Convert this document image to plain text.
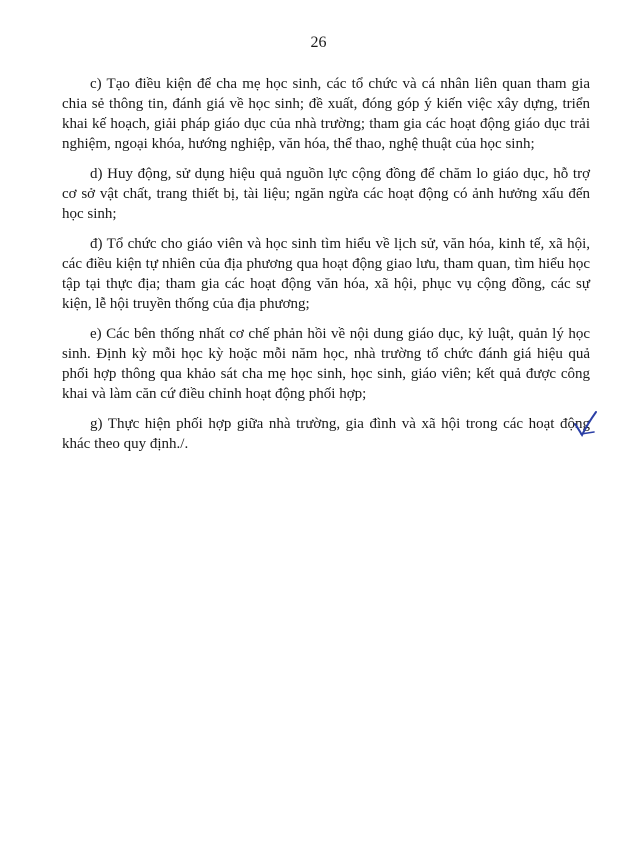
26

c) Tạo điều kiện để cha mẹ học sinh, các tổ chức và cá nhân liên quan tham gia chia sẻ thông tin, đánh giá về học sinh; đề xuất, đóng góp ý kiến việc xây dựng, triển khai kế hoạch, giải pháp giáo dục của nhà trường; tham gia các hoạt động giáo dục trải nghiệm, ngoại khóa, hướng nghiệp, văn hóa, thể thao, nghệ thuật của học sinh;

d) Huy động, sử dụng hiệu quả nguồn lực cộng đồng để chăm lo giáo dục, hỗ trợ cơ sở vật chất, trang thiết bị, tài liệu; ngăn ngừa các hoạt động có ảnh hưởng xấu đến học sinh;

đ) Tổ chức cho giáo viên và học sinh tìm hiểu về lịch sử, văn hóa, kinh tế, xã hội, các điều kiện tự nhiên của địa phương qua hoạt động giao lưu, tham quan, tìm hiểu học tập tại thực địa; tham gia các hoạt động văn hóa, xã hội, phục vụ cộng đồng, các sự kiện, lễ hội truyền thống của địa phương;

e) Các bên thống nhất cơ chế phản hồi về nội dung giáo dục, kỷ luật, quản lý học sinh. Định kỳ mỗi học kỳ hoặc mỗi năm học, nhà trường tổ chức đánh giá hiệu quả phối hợp thông qua khảo sát cha mẹ học sinh, học sinh, giáo viên; kết quả được công khai và làm căn cứ điều chỉnh hoạt động phối hợp;

g) Thực hiện phối hợp giữa nhà trường, gia đình và xã hội trong các hoạt động khác theo quy định./.
